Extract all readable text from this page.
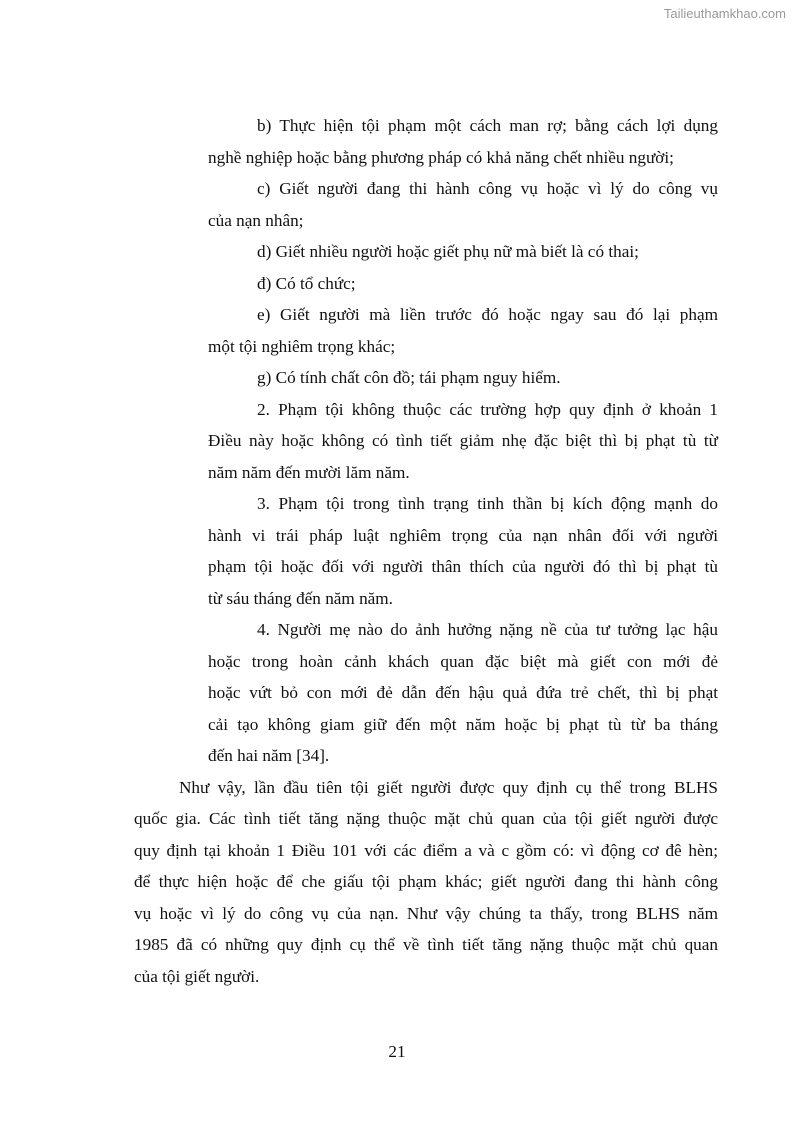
Tailieuthamkhao.com

b) Thực hiện tội phạm một cách man rợ; bằng cách lợi dụng

nghề nghiệp hoặc bằng phương pháp có khả năng chết nhiều người;

c) Giết người đang thi hành công vụ hoặc vì lý do công vụ

của nạn nhân;

d) Giết nhiều người hoặc giết phụ nữ mà biết là có thai;

đ) Có tổ chức;

e) Giết người mà liền trước đó hoặc ngay sau đó lại phạm

một tội nghiêm trọng khác;

g) Có tính chất côn đồ; tái phạm nguy hiểm.

2. Phạm tội không thuộc các trường hợp quy định ở khoản 1

Điều này hoặc không có tình tiết giảm nhẹ đặc biệt thì bị phạt tù từ

năm năm đến mười lăm năm.

3. Phạm tội trong tình trạng tinh thần bị kích động mạnh do

hành vi trái pháp luật nghiêm trọng của nạn nhân đối với người

phạm tội hoặc đối với người thân thích của người đó thì bị phạt tù

từ sáu tháng đến năm năm.

4. Người mẹ nào do ảnh hưởng nặng nề của tư tưởng lạc hậu

hoặc trong hoàn cảnh khách quan đặc biệt mà giết con mới đẻ

hoặc vứt bỏ con mới đẻ dẫn đến hậu quả đứa trẻ chết, thì bị phạt

cải tạo không giam giữ đến một năm hoặc bị phạt tù từ ba tháng

đến hai năm [34].

Như vậy, lần đầu tiên tội giết người được quy định cụ thể trong BLHS

quốc gia. Các tình tiết tăng nặng thuộc mặt chủ quan của tội giết người được

quy định tại khoản 1 Điều 101 với các điểm a và c gồm có: vì động cơ đê hèn;

để thực hiện hoặc để che giấu tội phạm khác; giết người đang thi hành công

vụ hoặc vì lý do công vụ của nạn. Như vậy chúng ta thấy, trong BLHS năm

1985 đã có những quy định cụ thể về tình tiết tăng nặng thuộc mặt chủ quan

của tội giết người.

21
